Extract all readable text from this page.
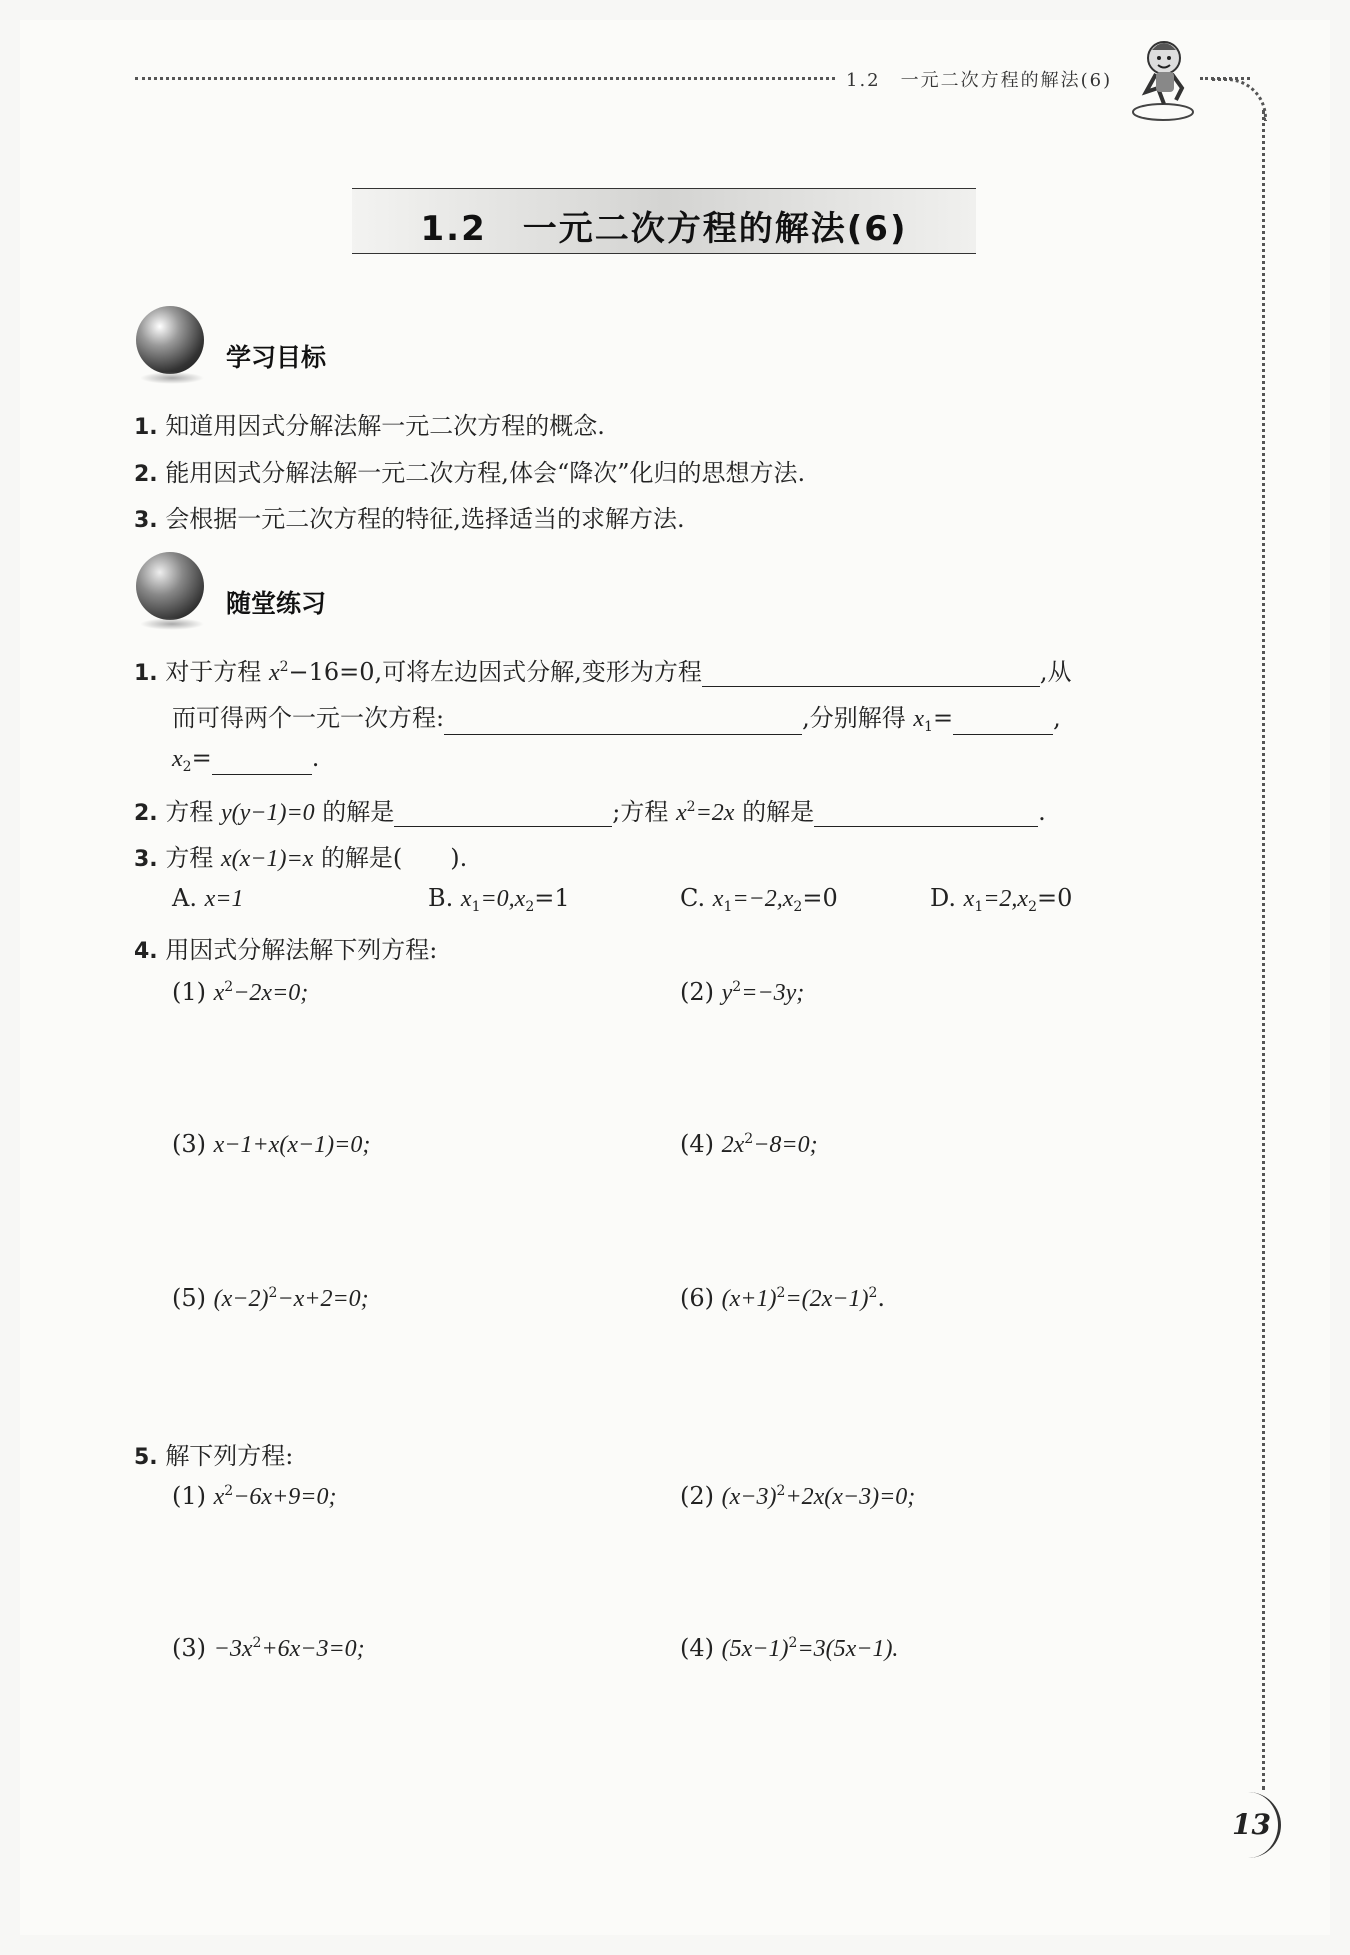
1.2　一元二次方程的解法(6)
1.2　一元二次方程的解法(6)
学习目标
1. 知道用因式分解法解一元二次方程的概念.
2. 能用因式分解法解一元二次方程,体会“降次”化归的思想方法.
3. 会根据一元二次方程的特征,选择适当的求解方法.
随堂练习
1. 对于方程 $x^2-16=0$,可将左边因式分解,变形为方程	,从
而可得两个一元一次方程:	,分别解得 $x_1=$	,
$x_2=$	.
2. 方程 y(y−1)=0 的解是	;方程 $x^2=2x$ 的解是	.
3. 方程 x(x−1)=x 的解是(　　).
A. x=1	B. $x_1=0,x_2=1$	C. $x_1=-2,x_2=0$	D. $x_1=2,x_2=0$
4. 用因式分解法解下列方程:
(1) $x^2-2x=0$;	(2) $y^2=-3y$;
(3) x−1+x(x−1)=0;	(4) $2x^2-8=0$;
(5) $(x-2)^2-x+2=0$;	(6) $(x+1)^2=(2x-1)^2$.
5. 解下列方程:
(1) $x^2-6x+9=0$;	(2) $(x-3)^2+2x(x-3)=0$;
$(3) -3x^2+6x-3=0$;	(4) $(5x-1)^2=3(5x-1)$.
13
